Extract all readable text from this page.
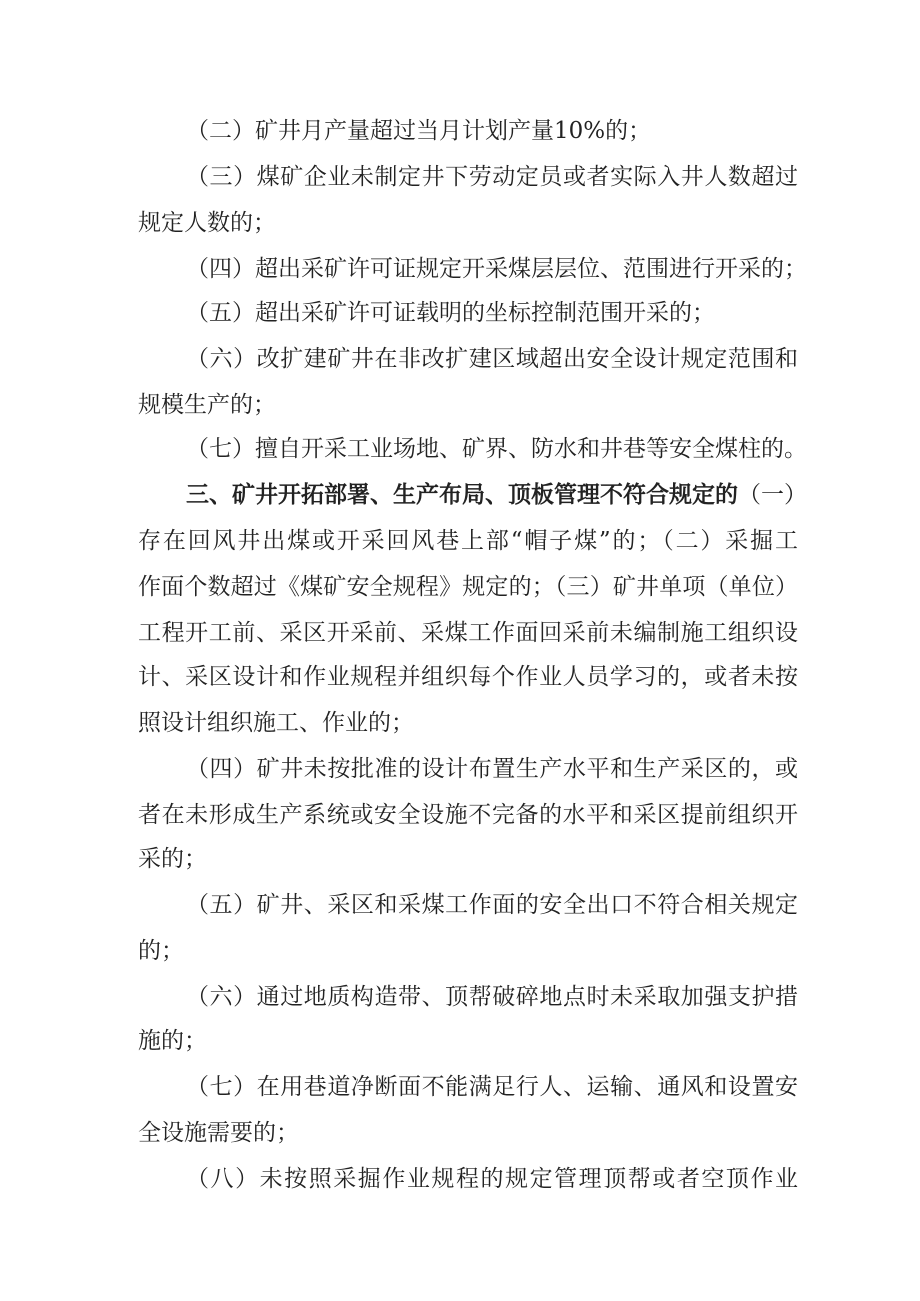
（二）矿井月产量超过当月计划产量10%的；
（三）煤矿企业未制定井下劳动定员或者实际入井人数超过
规定人数的；
（四）超出采矿许可证规定开采煤层层位、范围进行开采的；
（五）超出采矿许可证载明的坐标控制范围开采的；
（六）改扩建矿井在非改扩建区域超出安全设计规定范围和
规模生产的；
（七）擅自开采工业场地、矿界、防水和井巷等安全煤柱的。
三、矿井开拓部署、生产布局、顶板管理不符合规定的（一）
存在回风井出煤或开采回风巷上部“帽子煤”的；（二）采掘工
作面个数超过《煤矿安全规程》规定的；（三）矿井单项（单位）
工程开工前、采区开采前、采煤工作面回采前未编制施工组织设
计、采区设计和作业规程并组织每个作业人员学习的，或者未按
照设计组织施工、作业的；
（四）矿井未按批准的设计布置生产水平和生产采区的，或
者在未形成生产系统或安全设施不完备的水平和采区提前组织开
采的；
（五）矿井、采区和采煤工作面的安全出口不符合相关规定
的；
（六）通过地质构造带、顶帮破碎地点时未采取加强支护措
施的；
（七）在用巷道净断面不能满足行人、运输、通风和设置安
全设施需要的；
（八）未按照采掘作业规程的规定管理顶帮或者空顶作业
